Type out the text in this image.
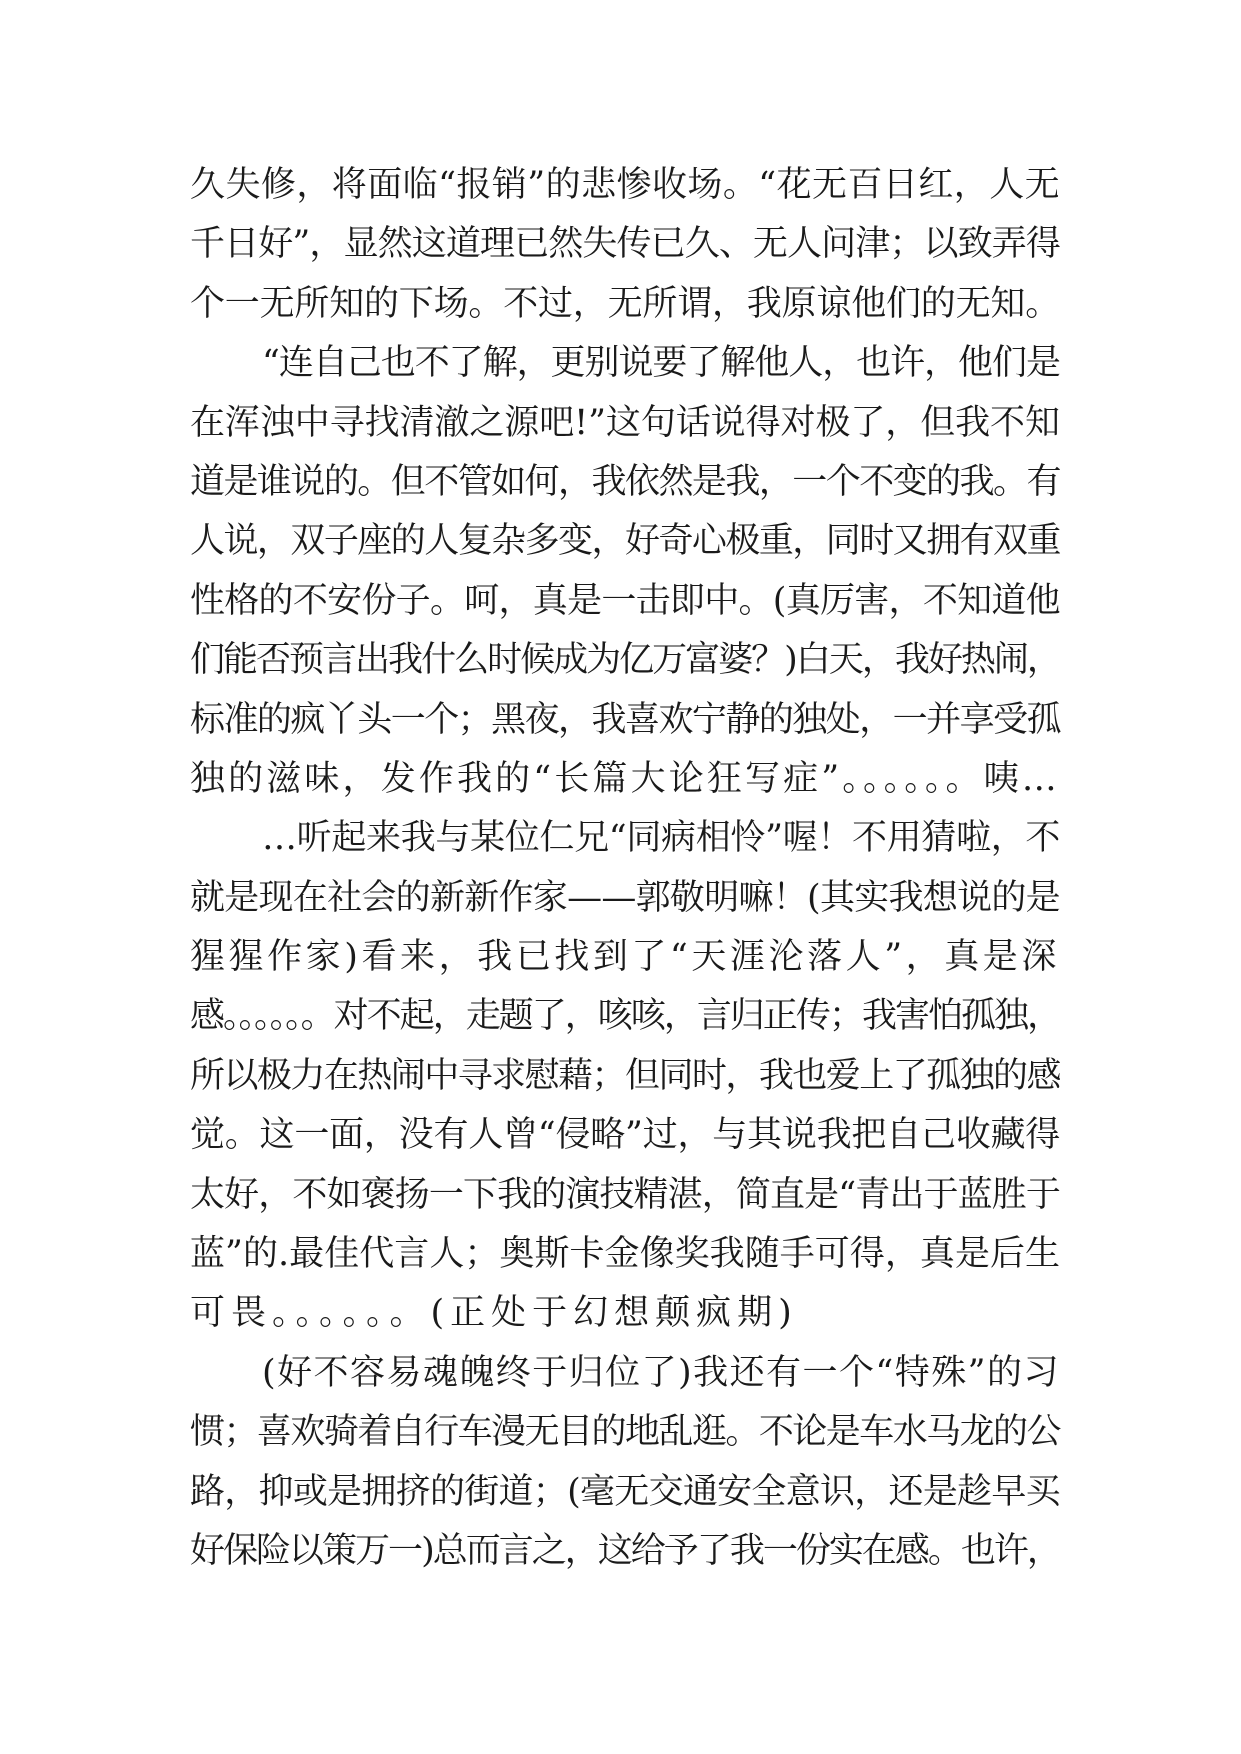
久失修，将面临“报销”的悲惨收场。“花无百日红，人无
千日好”，显然这道理已然失传已久、无人问津；以致弄得
个一无所知的下场。不过，无所谓，我原谅他们的无知。
“连自己也不了解，更别说要了解他人，也许，他们是
在浑浊中寻找清澈之源吧!”这句话说得对极了，但我不知
道是谁说的。但不管如何，我依然是我，一个不变的我。有
人说，双子座的人复杂多变，好奇心极重，同时又拥有双重
性格的不安份子。呵，真是一击即中。(真厉害，不知道他
们能否预言出我什么时候成为亿万富婆？)白天，我好热闹，
标准的疯丫头一个；黑夜，我喜欢宁静的独处，一并享受孤
独的滋味，发作我的“长篇大论狂写症”。。。。。。咦…
…听起来我与某位仁兄“同病相怜”喔！不用猜啦，不
就是现在社会的新新作家——郭敬明嘛！(其实我想说的是
猩猩作家)看来，我已找到了“天涯沦落人”，真是深
感。。。。。。对不起，走题了，咳咳，言归正传；我害怕孤独，
所以极力在热闹中寻求慰藉；但同时，我也爱上了孤独的感
觉。这一面，没有人曾“侵略”过，与其说我把自己收藏得
太好，不如褒扬一下我的演技精湛，简直是“青出于蓝胜于
蓝”的.最佳代言人；奥斯卡金像奖我随手可得，真是后生
可畏。。。。。。(正处于幻想颠疯期)
(好不容易魂魄终于归位了)我还有一个“特殊”的习
惯；喜欢骑着自行车漫无目的地乱逛。不论是车水马龙的公
路，抑或是拥挤的街道；(毫无交通安全意识，还是趁早买
好保险以策万一)总而言之，这给予了我一份实在感。也许，
